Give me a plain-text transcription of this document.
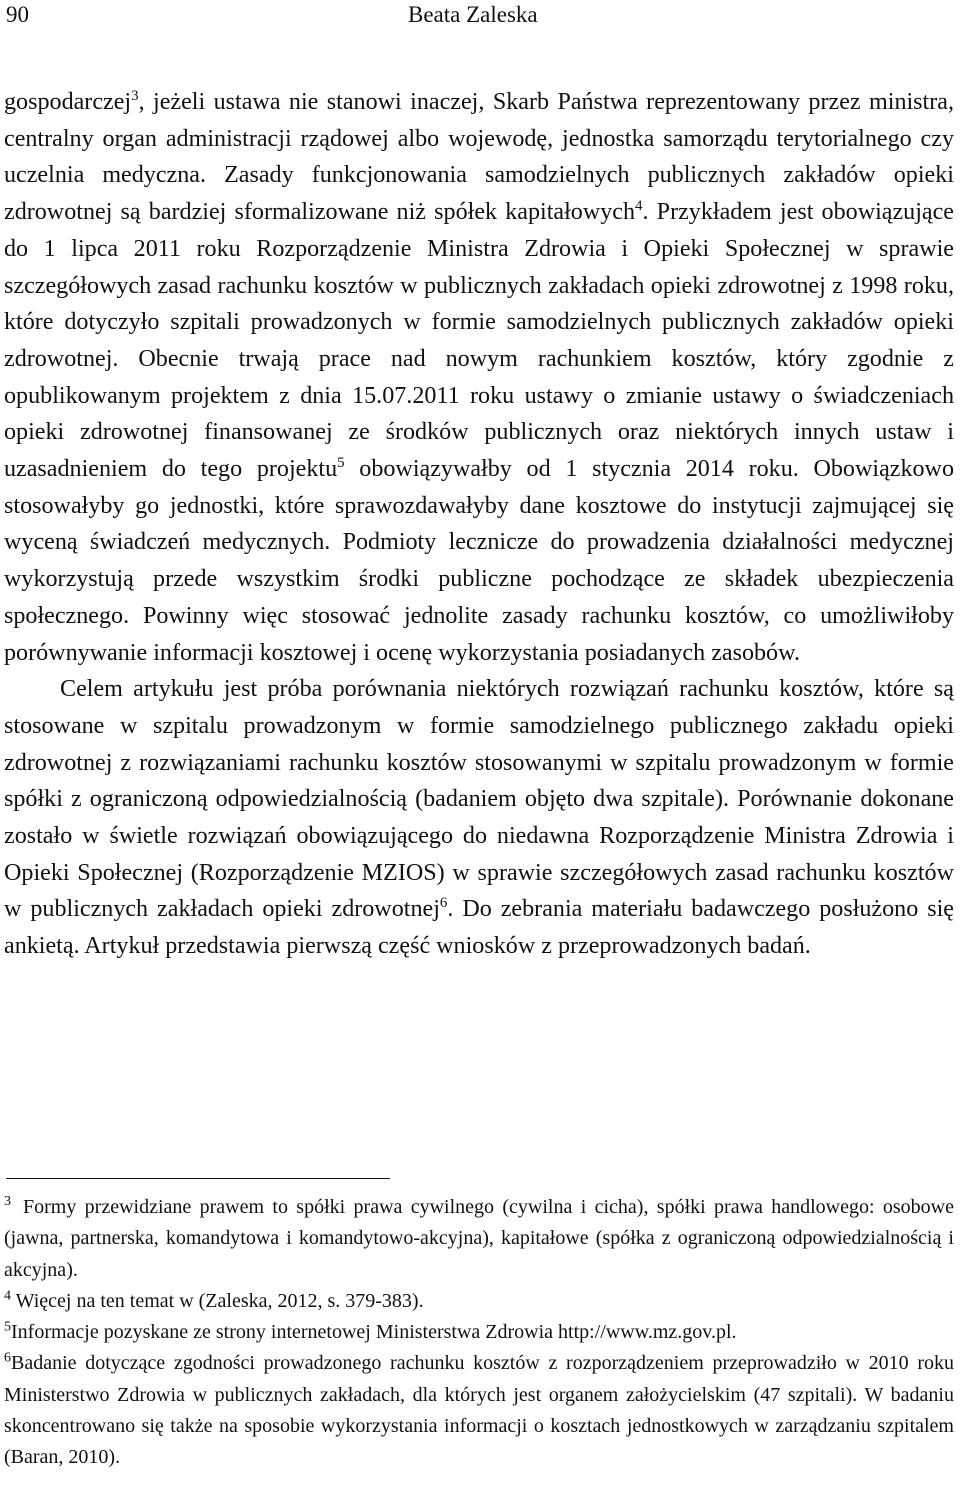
90	Beata Zaleska

gospodarczej$^3$, jeżeli ustawa nie stanowi inaczej, Skarb Państwa reprezentowany przez ministra, centralny organ administracji rządowej albo wojewodę, jednostka samorządu terytorialnego czy uczelnia medyczna. Zasady funkcjonowania samodzielnych publicznych zakładów opieki zdrowotnej są bardziej sformalizowane niż spółek kapitałowych$^4$. Przykładem jest obowiązujące do 1 lipca 2011 roku Rozporządzenie Ministra Zdrowia i Opieki Społecznej w sprawie szczegółowych zasad rachunku kosztów w publicznych zakładach opieki zdrowotnej z 1998 roku, które dotyczyło szpitali prowadzonych w formie samodzielnych publicznych zakładów opieki zdrowotnej. Obecnie trwają prace nad nowym rachunkiem kosztów, który zgodnie z opublikowanym projektem z dnia 15.07.2011 roku ustawy o zmianie ustawy o świadczeniach opieki zdrowotnej finansowanej ze środków publicznych oraz niektórych innych ustaw i uzasadnieniem do tego projektu$^5$ obowiązywałby od 1 stycznia 2014 roku. Obowiązkowo stosowałyby go jednostki, które sprawozdawałyby dane kosztowe do instytucji zajmującej się wyceną świadczeń medycznych. Podmioty lecznicze do prowadzenia działalności medycznej wykorzystują przede wszystkim środki publiczne pochodzące ze składek ubezpieczenia społecznego. Powinny więc stosować jednolite zasady rachunku kosztów, co umożliwiłoby porównywanie informacji kosztowej i ocenę wykorzystania posiadanych zasobów.

Celem artykułu jest próba porównania niektórych rozwiązań rachunku kosztów, które są stosowane w szpitalu prowadzonym w formie samodzielnego publicznego zakładu opieki zdrowotnej z rozwiązaniami rachunku kosztów stosowanymi w szpitalu prowadzonym w formie spółki z ograniczoną odpowiedzialnością (badaniem objęto dwa szpitale). Porównanie dokonane zostało w świetle rozwiązań obowiązującego do niedawna Rozporządzenie Ministra Zdrowia i Opieki Społecznej (Rozporządzenie MZIOS) w sprawie szczegółowych zasad rachunku kosztów w publicznych zakładach opieki zdrowotnej$^6$. Do zebrania materiału badawczego posłużono się ankietą. Artykuł przedstawia pierwszą część wniosków z przeprowadzonych badań.

$^3$ Formy przewidziane prawem to spółki prawa cywilnego (cywilna i cicha), spółki prawa handlowego: osobowe (jawna, partnerska, komandytowa i komandytowo-akcyjna), kapitałowe (spółka z ograniczoną odpowiedzialnością i akcyjna).

$^4$ Więcej na ten temat w (Zaleska, 2012, s. 379-383).

$^5$Informacje pozyskane ze strony internetowej Ministerstwa Zdrowia http://www.mz.gov.pl.

$^6$Badanie dotyczące zgodności prowadzonego rachunku kosztów z rozporządzeniem przeprowadziło w 2010 roku Ministerstwo Zdrowia w publicznych zakładach, dla których jest organem założycielskim (47 szpitali). W badaniu skoncentrowano się także na sposobie wykorzystania informacji o kosztach jednostkowych w zarządzaniu szpitalem (Baran, 2010).
